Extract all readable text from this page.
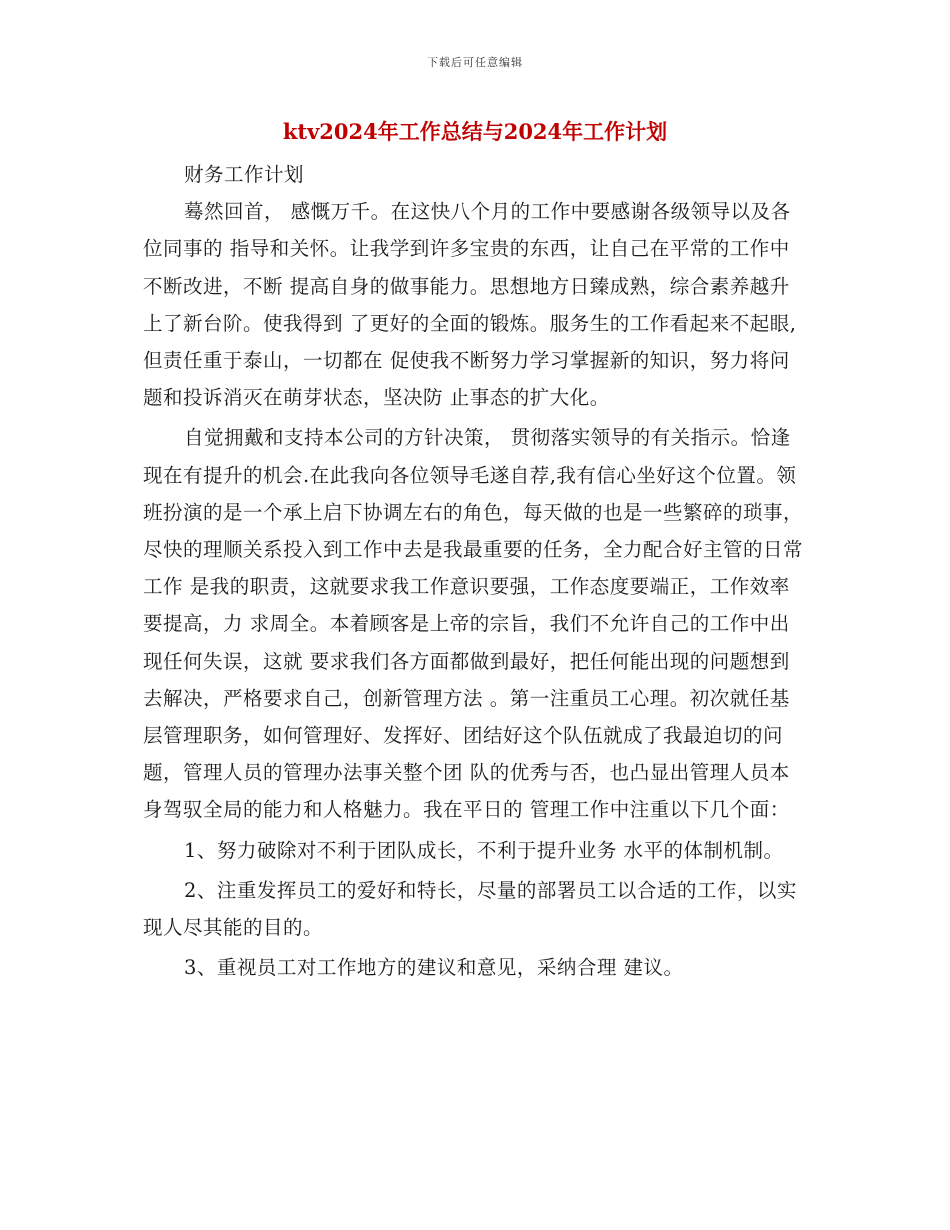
下载后可任意编辑
ktv2024年工作总结与2024年工作计划

财务工作计划

蓦然回首， 感慨万千。在这快八个月的工作中要感谢各级领导以及各位同事的 指导和关怀。让我学到许多宝贵的东西，让自己在平常的工作中不断改进，不断 提高自身的做事能力。思想地方日臻成熟，综合素养越升上了新台阶。使我得到 了更好的全面的锻炼。服务生的工作看起来不起眼,但责任重于泰山，一切都在 促使我不断努力学习掌握新的知识，努力将问题和投诉消灭在萌芽状态，坚决防 止事态的扩大化。

自觉拥戴和支持本公司的方针决策， 贯彻落实领导的有关指示。恰逢现在有提升的机会.在此我向各位领导毛遂自荐,我有信心坐好这个位置。领班扮演的是一个承上启下协调左右的角色，每天做的也是一些繁碎的琐事，尽快的理顺关系投入到工作中去是我最重要的任务，全力配合好主管的日常工作 是我的职责，这就要求我工作意识要强，工作态度要端正，工作效率要提高，力 求周全。本着顾客是上帝的宗旨，我们不允许自己的工作中出现任何失误，这就 要求我们各方面都做到最好，把任何能出现的问题想到去解决，严格要求自己，创新管理方法 。第一注重员工心理。初次就任基层管理职务，如何管理好、发挥好、团结好这个队伍就成了我最迫切的问题，管理人员的管理办法事关整个团 队的优秀与否，也凸显出管理人员本身驾驭全局的能力和人格魅力。我在平日的 管理工作中注重以下几个面：

1、努力破除对不利于团队成长，不利于提升业务 水平的体制机制。

2、注重发挥员工的爱好和特长，尽量的部署员工以合适的工作，以实现人尽其能的目的。

3、重视员工对工作地方的建议和意见，采纳合理 建议。
